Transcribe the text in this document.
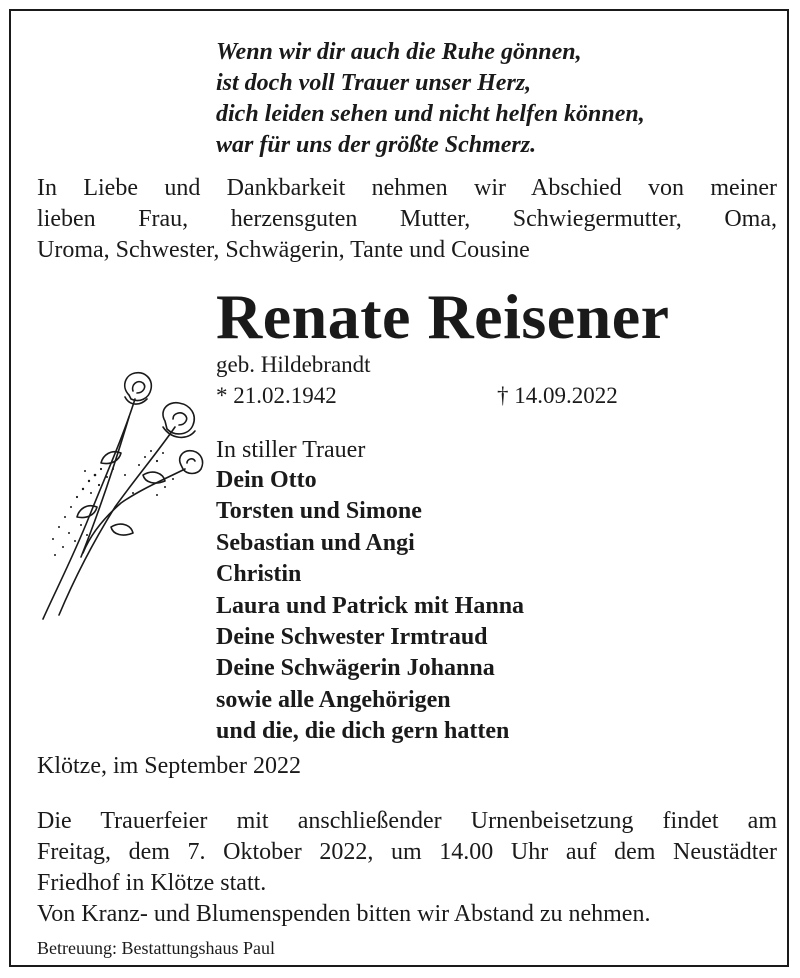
Wenn wir dir auch die Ruhe gönnen,
ist doch voll Trauer unser Herz,
dich leiden sehen und nicht helfen können,
war für uns der größte Schmerz.
In Liebe und Dankbarkeit nehmen wir Abschied von meiner
lieben Frau, herzensguten Mutter, Schwiegermutter, Oma,
Uroma, Schwester, Schwägerin, Tante und Cousine
Renate Reisener
geb. Hildebrandt
* 21.02.1942	† 14.09.2022
In stiller Trauer
Dein Otto
Torsten und Simone
Sebastian und Angi
Christin
Laura und Patrick mit Hanna
Deine Schwester Irmtraud
Deine Schwägerin Johanna
sowie alle Angehörigen
und die, die dich gern hatten
Klötze, im September 2022
Die Trauerfeier mit anschließender Urnenbeisetzung findet am
Freitag, dem 7. Oktober 2022, um 14.00 Uhr auf dem Neustädter
Friedhof in Klötze statt.
Von Kranz- und Blumenspenden bitten wir Abstand zu nehmen.
Betreuung: Bestattungshaus Paul
